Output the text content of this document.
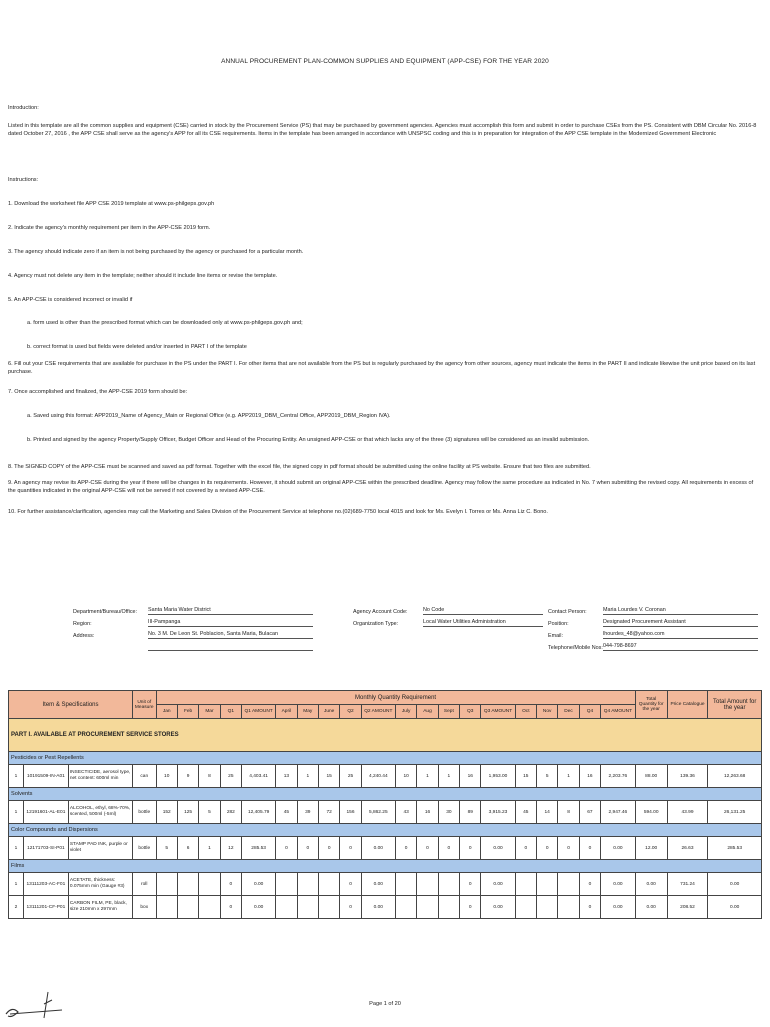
ANNUAL PROCUREMENT PLAN-COMMON SUPPLIES AND EQUIPMENT (APP-CSE) FOR THE YEAR 2020
Introduction:
Listed in this template are all the common supplies and equipment (CSE) carried in stock by the Procurement Service (PS) that may be purchased by government agencies. Agencies must accomplish this form and submit in order to purchase CSEs from the PS. Consistent with DBM Circular No. 2016-8 dated October 27, 2016 , the APP CSE shall serve as the agency's APP for all its CSE requirements. Items in the template has been arranged in accordance with UNSPSC coding and this is in preparation for integration of the APP CSE template in the Modernized Government Electronic
Instructions:
1. Download the worksheet file APP CSE 2019 template at www.ps-philgeps.gov.ph
2. Indicate the agency's monthly requirement per item in the APP-CSE 2019 form.
3. The agency should indicate zero if an item is not being purchased by the agency or purchased for a particular month.
4. Agency must not delete any item in the template; neither should it include line items or revise the template.
5. An APP-CSE is considered incorrect or invalid if
a. form used is other than the prescribed format which can be downloaded only at www.ps-philgeps.gov.ph and;
b. correct format is used but fields were deleted and/or inserted in PART I of the template
6. Fill out your CSE requirements that are available for purchase in the PS under the PART I. For other items that are not available from the PS but is regularly purchased by the agency from other sources, agency must indicate the items in the PART II and indicate likewise the unit price based on its last purchase.
7. Once accomplished and finalized, the APP-CSE 2019 form should be:
a. Saved using this format: APP2019_Name of Agency_Main or Regional Office (e.g. APP2019_DBM_Central Office, APP2019_DBM_Region IVA).
b. Printed and signed by the agency Property/Supply Officer, Budget Officer and Head of the Procuring Entity. An unsigned APP-CSE or that which lacks any of the three (3) signatures will be considered as an invalid submission.
8. The SIGNED COPY of the APP-CSE must be scanned and saved as pdf format. Together with the excel file, the signed copy in pdf format should be submitted using the online facility at PS website. Ensure that two files are submitted.
9. An agency may revise its APP-CSE during the year if there will be changes in its requirements. However, it should submit an original APP-CSE within the prescribed deadline. Agency may follow the same procedure as indicated in No. 7 when submitting the revised copy. All requirements in excess of the quantities indicated in the original APP-CSE will not be served if not covered by a revised APP-CSE.
10. For further assistance/clarification, agencies may call the Marketing and Sales Division of the Procurement Service at telephone no.(02)689-7750 local 4015 and look for Ms. Evelyn I. Torres or Ms. Anna Liz C. Bono.
Department/Bureau/Office:	Santa Maria Water District
Region:	III-Pampanga
Address:	No. 3 M. De Leon St. Poblacion, Santa Maria, Bulacan
Agency Account Code:	No Code
Organization Type:	Local Water Utilities Administration
Contact Person:	Maria Lourdes V. Coronan
Position:	Designated Procurement Assistant
Email:	lhourdes_48@yahoo.com
Telephone/Mobile Nos: 044-798-8697
Item & Specifications			Unit of Measure	Monthly Quantity Requirement																				Total Quantity for the year	Price Catalogue	Total Amount for the year
				Jan	Feb	Mar	Q1	Q1 AMOUNT	April	May	June	Q2	Q2 AMOUNT	July	Aug	Sept	Q3	Q3 AMOUNT	Oct	Nov	Dec	Q4	Q4 AMOUNT			
PART I. AVAILABLE AT PROCUREMENT SERVICE STORES																										
Pesticides or Pest Repellents																										
1	10191509-IN-A01	INSECTICIDE, aerosol type, net content: 600ml min	can	10	9	8	25	4,403.41	13	1	15	25	4,240.44	10	1	1	16	1,953.00	15	5	1	16	2,203.76	88.00	139.36	12,263.68
Solvents																										
1	12191601-AL-E01	ALCOHOL, ethyl, 68%-70%, scented, 500ml (-5ml)	bottle	152	125	5	282	12,405.79	45	39	72	156	5,862.25	43	16	30	89	3,915.23	45	14	8	67	2,947.46	594.00	43.99	26,131.25
Color Compounds and Dispersions																										
1	12171703-SI-P01	STAMP PAD INK, purple or violet	bottle	5	6	1	12	285.53	0	0	0	0	0.00	0	0	0	0	0.00	0	0	0	0	0.00	12.00	26.63	285.53
Films																										
1	13111203-AC-F01	ACETATE, thickness: 0.075mm min (Gauge #3)	roll				0	0.00				0	0.00				0	0.00				0	0.00	0.00	731.24	0.00
2	13111201-CF-P01	CARBON FILM, PE, black, size 210mm x 297mm	box				0	0.00				0	0.00				0	0.00				0	0.00	0.00	208.52	0.00
Page 1 of 20
